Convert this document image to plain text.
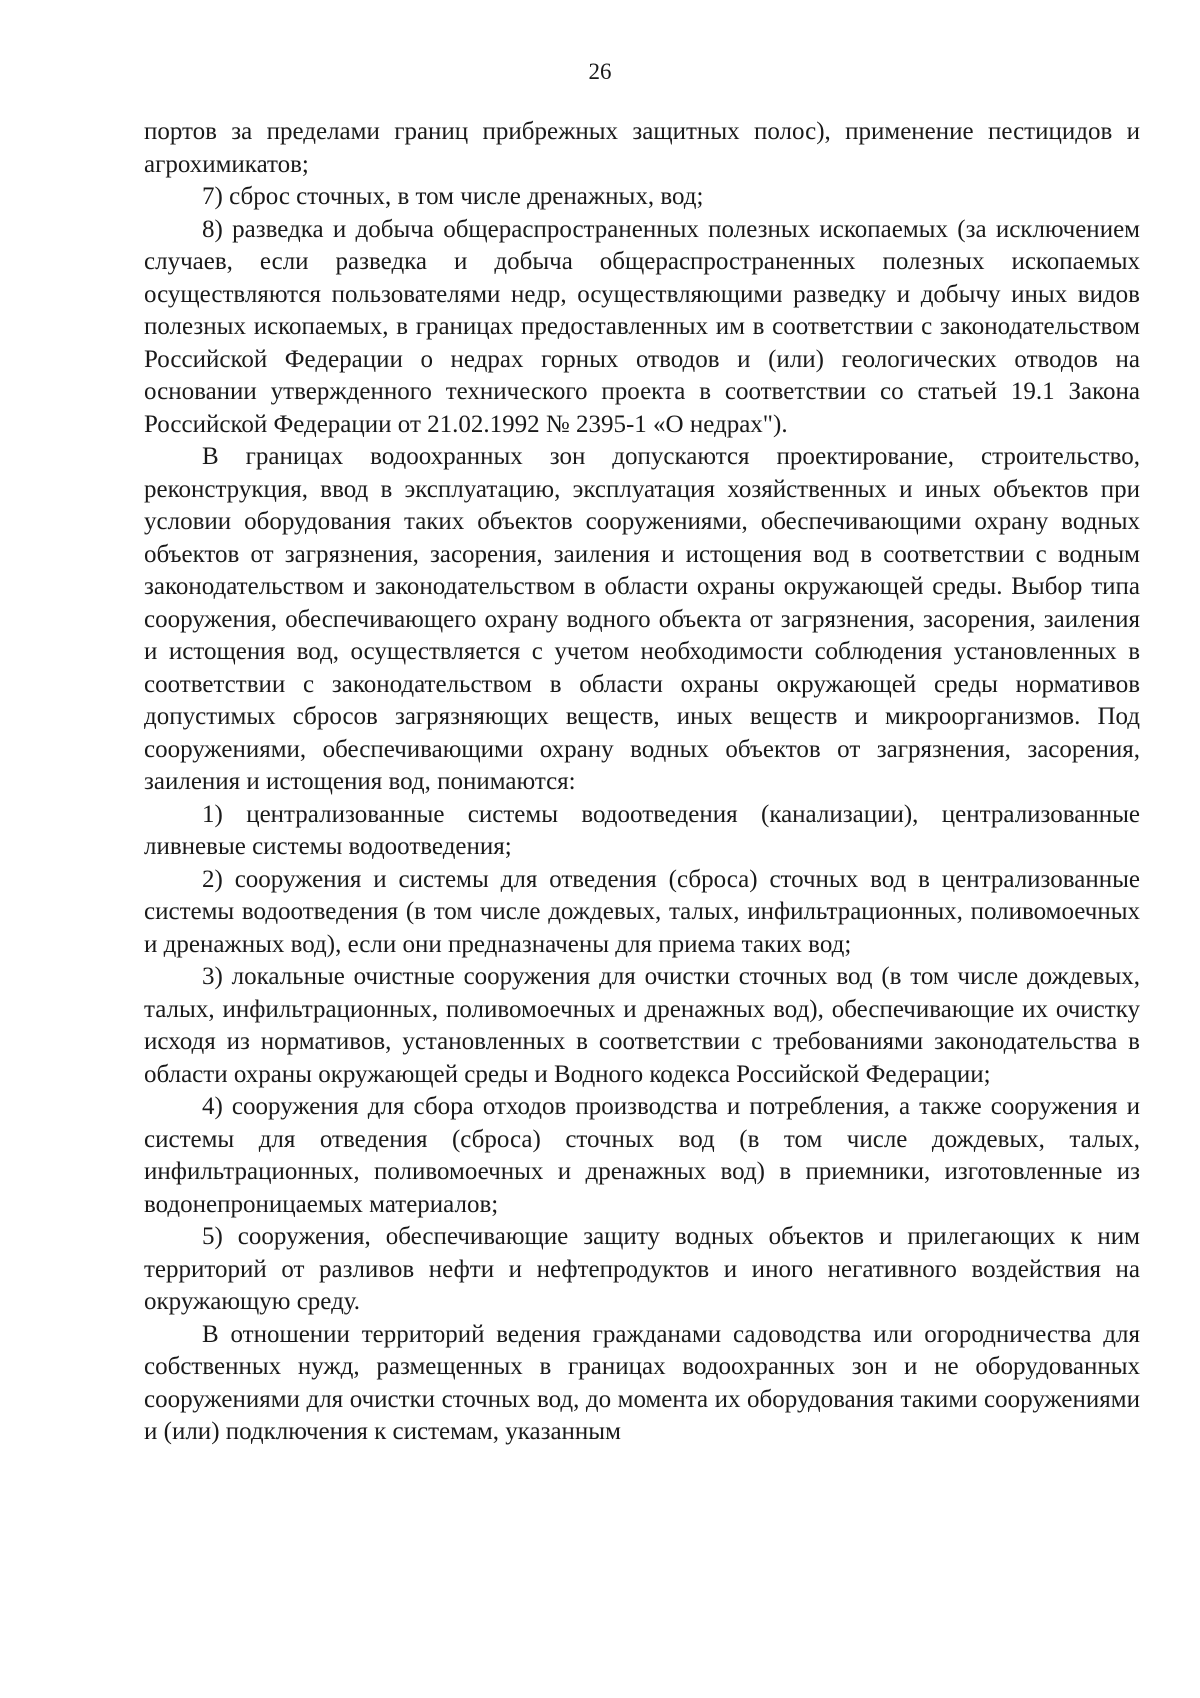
26

портов за пределами границ прибрежных защитных полос), применение пестицидов и агрохимикатов;

7) сброс сточных, в том числе дренажных, вод;

8) разведка и добыча общераспространенных полезных ископаемых (за исключением случаев, если разведка и добыча общераспространенных полезных ископаемых осуществляются пользователями недр, осуществляющими разведку и добычу иных видов полезных ископаемых, в границах предоставленных им в соответствии с законодательством Российской Федерации о недрах горных отводов и (или) геологических отводов на основании утвержденного технического проекта в соответствии со статьей 19.1 Закона Российской Федерации от 21.02.1992 № 2395-1 «О недрах").

В границах водоохранных зон допускаются проектирование, строительство, реконструкция, ввод в эксплуатацию, эксплуатация хозяйственных и иных объектов при условии оборудования таких объектов сооружениями, обеспечивающими охрану водных объектов от загрязнения, засорения, заиления и истощения вод в соответствии с водным законодательством и законодательством в области охраны окружающей среды. Выбор типа сооружения, обеспечивающего охрану водного объекта от загрязнения, засорения, заиления и истощения вод, осуществляется с учетом необходимости соблюдения установленных в соответствии с законодательством в области охраны окружающей среды нормативов допустимых сбросов загрязняющих веществ, иных веществ и микроорганизмов. Под сооружениями, обеспечивающими охрану водных объектов от загрязнения, засорения, заиления и истощения вод, понимаются:

1) централизованные системы водоотведения (канализации), централизованные ливневые системы водоотведения;

2) сооружения и системы для отведения (сброса) сточных вод в централизованные системы водоотведения (в том числе дождевых, талых, инфильтрационных, поливомоечных и дренажных вод), если они предназначены для приема таких вод;

3) локальные очистные сооружения для очистки сточных вод (в том числе дождевых, талых, инфильтрационных, поливомоечных и дренажных вод), обеспечивающие их очистку исходя из нормативов, установленных в соответствии с требованиями законодательства в области охраны окружающей среды и Водного кодекса Российской Федерации;

4) сооружения для сбора отходов производства и потребления, а также сооружения и системы для отведения (сброса) сточных вод (в том числе дождевых, талых, инфильтрационных, поливомоечных и дренажных вод) в приемники, изготовленные из водонепроницаемых материалов;

5) сооружения, обеспечивающие защиту водных объектов и прилегающих к ним территорий от разливов нефти и нефтепродуктов и иного негативного воздействия на окружающую среду.

В отношении территорий ведения гражданами садоводства или огородничества для собственных нужд, размещенных в границах водоохранных зон и не оборудованных сооружениями для очистки сточных вод, до момента их оборудования такими сооружениями и (или) подключения к системам, указанным
